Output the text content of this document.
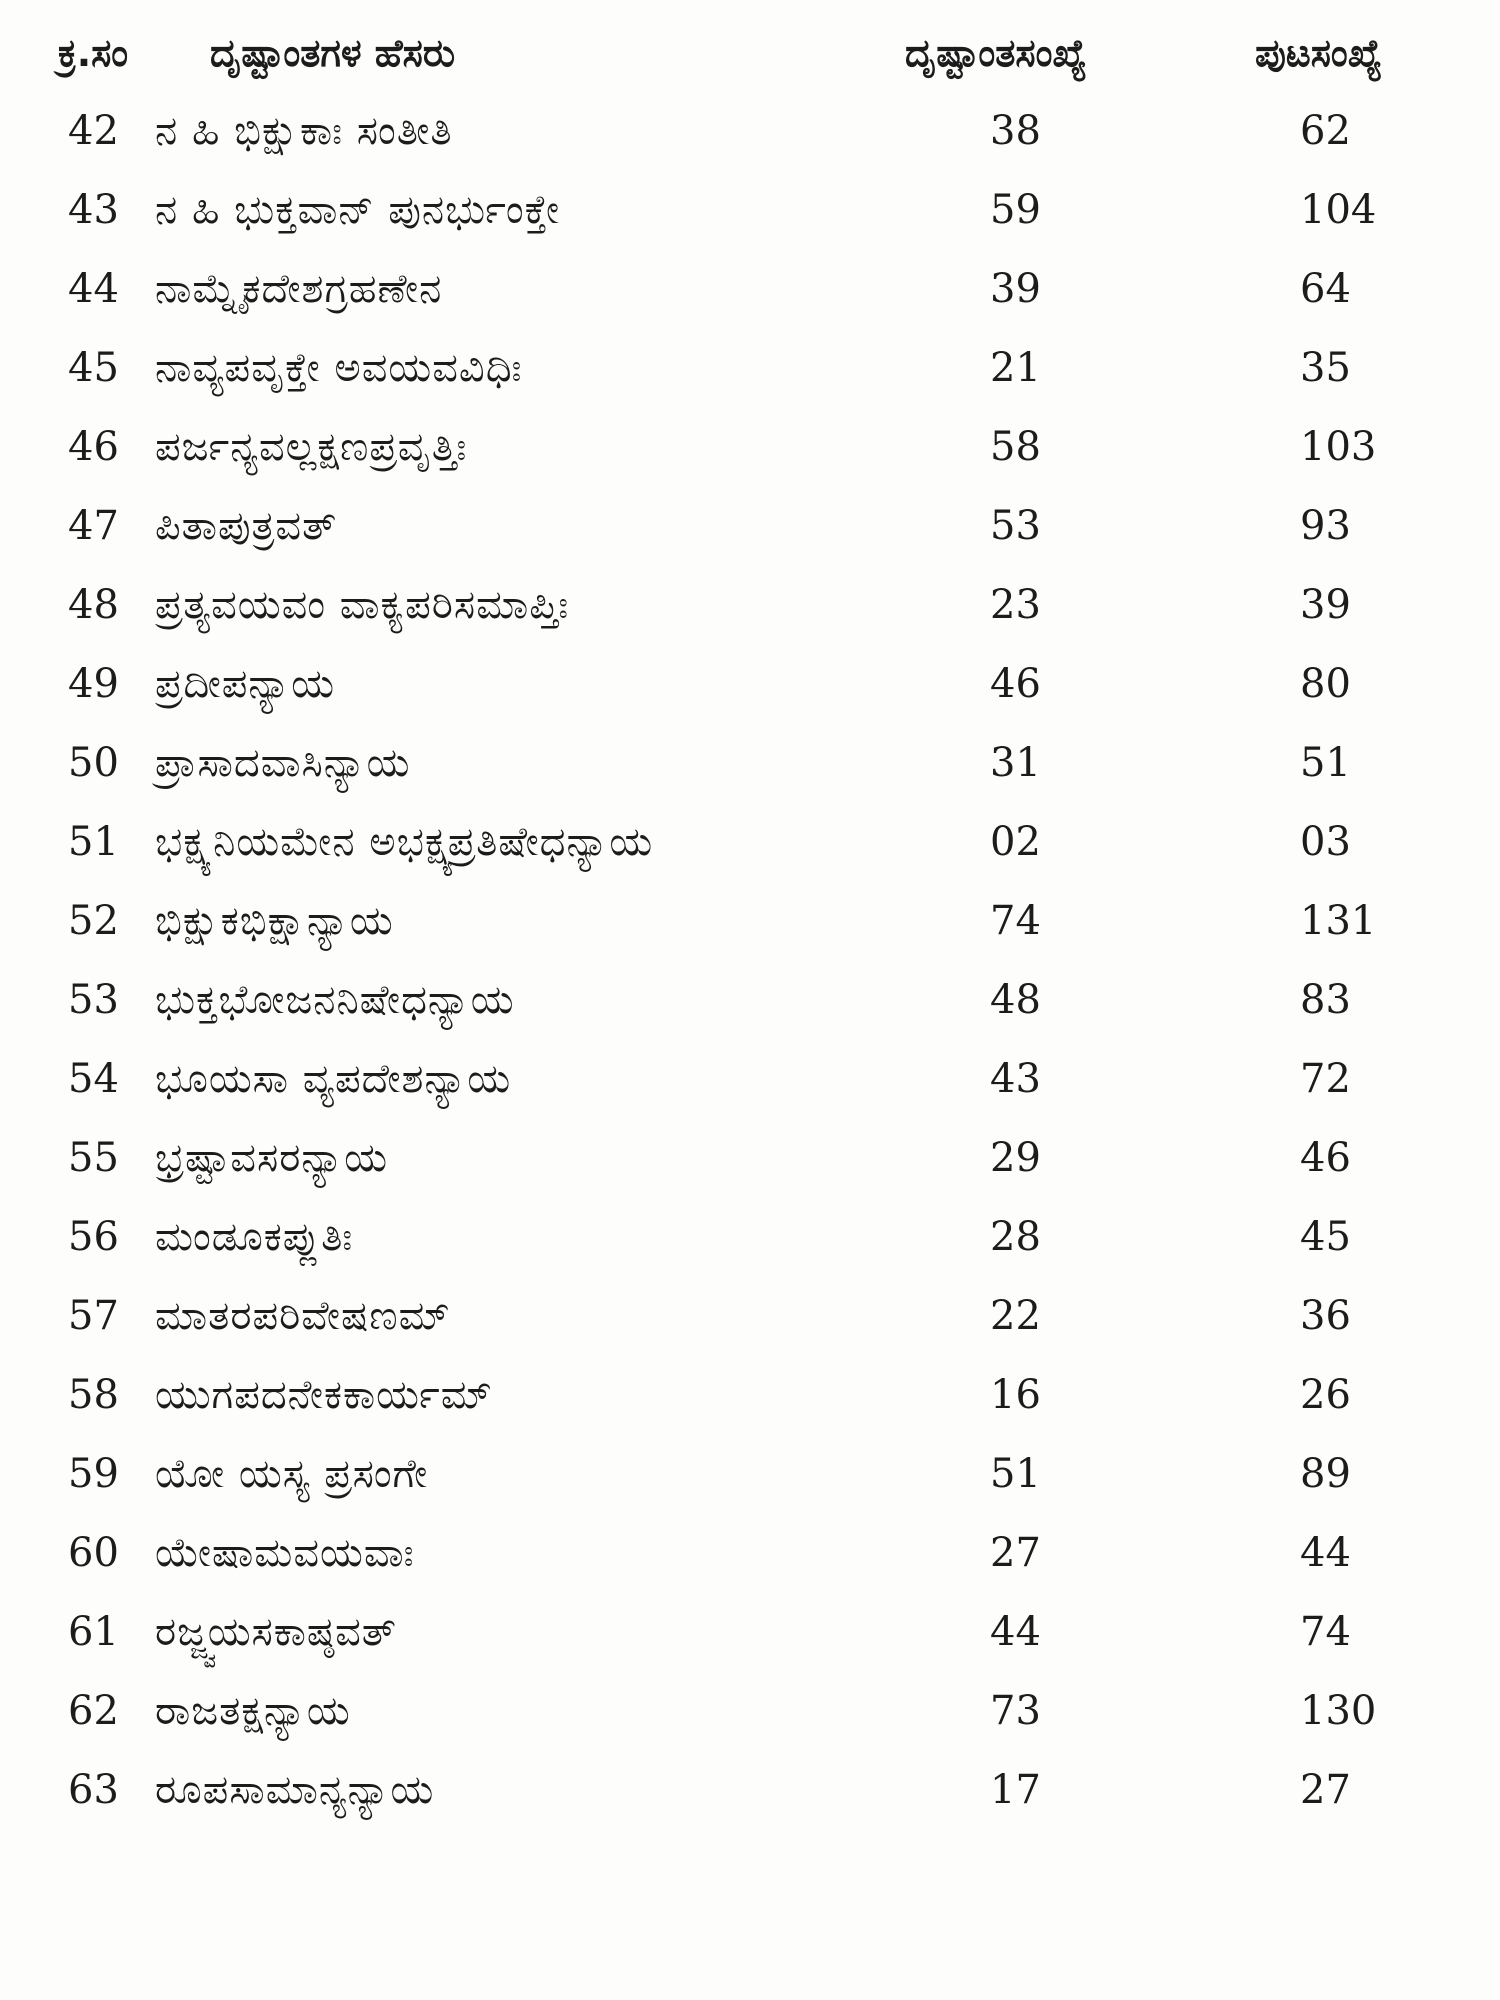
ಕ್ರ.ಸಂ ದೃಷ್ಟಾಂತಗಳ ಹೆಸರು	ದೃಷ್ಟಾಂತಸಂಖ್ಯೆ	ಪುಟಸಂಖ್ಯೆ
42 ನ ಹಿ ಭಿಕ್ಷುಕಾಃ ಸಂತೀತಿ	38	62
43 ನ ಹಿ ಭುಕ್ತವಾನ್ ಪುನರ್ಭುಂಕ್ತೇ	59	104
44 ನಾಮ್ನೈಕದೇಶಗ್ರಹಣೇನ	39	64
45 ನಾವ್ಯಪವೃಕ್ತೇ ಅವಯವವಿಧಿಃ	21	35
46 ಪರ್ಜನ್ಯವಲ್ಲಕ್ಷಣಪ್ರವೃತ್ತಿಃ	58	103
47 ಪಿತಾಪುತ್ರವತ್	53	93
48 ಪ್ರತ್ಯವಯವಂ ವಾಕ್ಯಪರಿಸಮಾಪ್ತಿಃ	23	39
49 ಪ್ರದೀಪನ್ಯಾಯ	46	80
50 ಪ್ರಾಸಾದವಾಸಿನ್ಯಾಯ	31	51
51 ಭಕ್ಷ್ಯನಿಯಮೇನ ಅಭಕ್ಷ್ಯಪ್ರತಿಷೇಧನ್ಯಾಯ	02	03
52 ಭಿಕ್ಷುಕಭಿಕ್ಷಾನ್ಯಾಯ	74	131
53 ಭುಕ್ತಭೋಜನನಿಷೇಧನ್ಯಾಯ	48	83
54 ಭೂಯಸಾ ವ್ಯಪದೇಶನ್ಯಾಯ	43	72
55 ಭ್ರಷ್ಟಾವಸರನ್ಯಾಯ	29	46
56 ಮಂಡೂಕಪ್ಲುತಿಃ	28	45
57 ಮಾತರಪರಿವೇಷಣಮ್	22	36
58 ಯುಗಪದನೇಕಕಾರ್ಯಮ್	16	26
59 ಯೋ ಯಸ್ಯ ಪ್ರಸಂಗೇ	51	89
60 ಯೇಷಾಮವಯವಾಃ	27	44
61 ರಜ್ಜ್ವಯಸಕಾಷ್ಠವತ್	44	74
62 ರಾಜತಕ್ಷನ್ಯಾಯ	73	130
63 ರೂಪಸಾಮಾನ್ಯನ್ಯಾಯ	17	27
